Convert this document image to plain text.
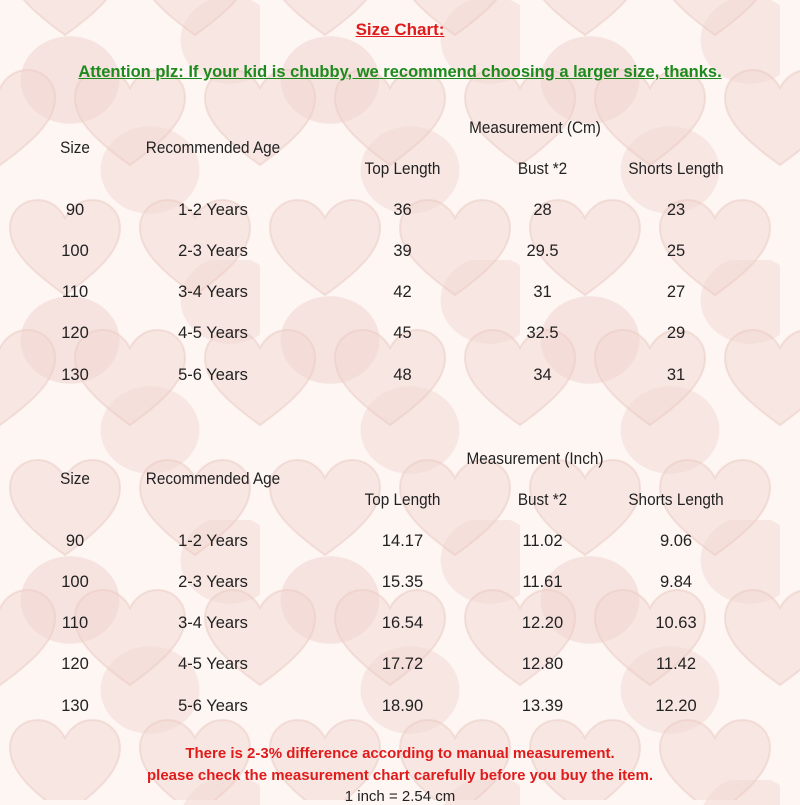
Size Chart:
Attention plz: If your kid is chubby, we recommend choosing a larger size, thanks.
Measurement (Cm)
Size	Recommended Age
Top Length	Bust *2	Shorts Length
90	1-2 Years	36	28	23
100	2-3 Years	39	29.5	25
110	3-4 Years	42	31	27
120	4-5 Years	45	32.5	29
130	5-6 Years	48	34	31
Measurement (Inch)
Size	Recommended Age
Top Length	Bust *2	Shorts Length
90	1-2 Years	14.17	11.02	9.06
100	2-3 Years	15.35	11.61	9.84
110	3-4 Years	16.54	12.20	10.63
120	4-5 Years	17.72	12.80	11.42
130	5-6 Years	18.90	13.39	12.20
There is 2-3% difference according to manual measurement.
please check the measurement chart carefully before you buy the item.
1 inch = 2.54 cm
